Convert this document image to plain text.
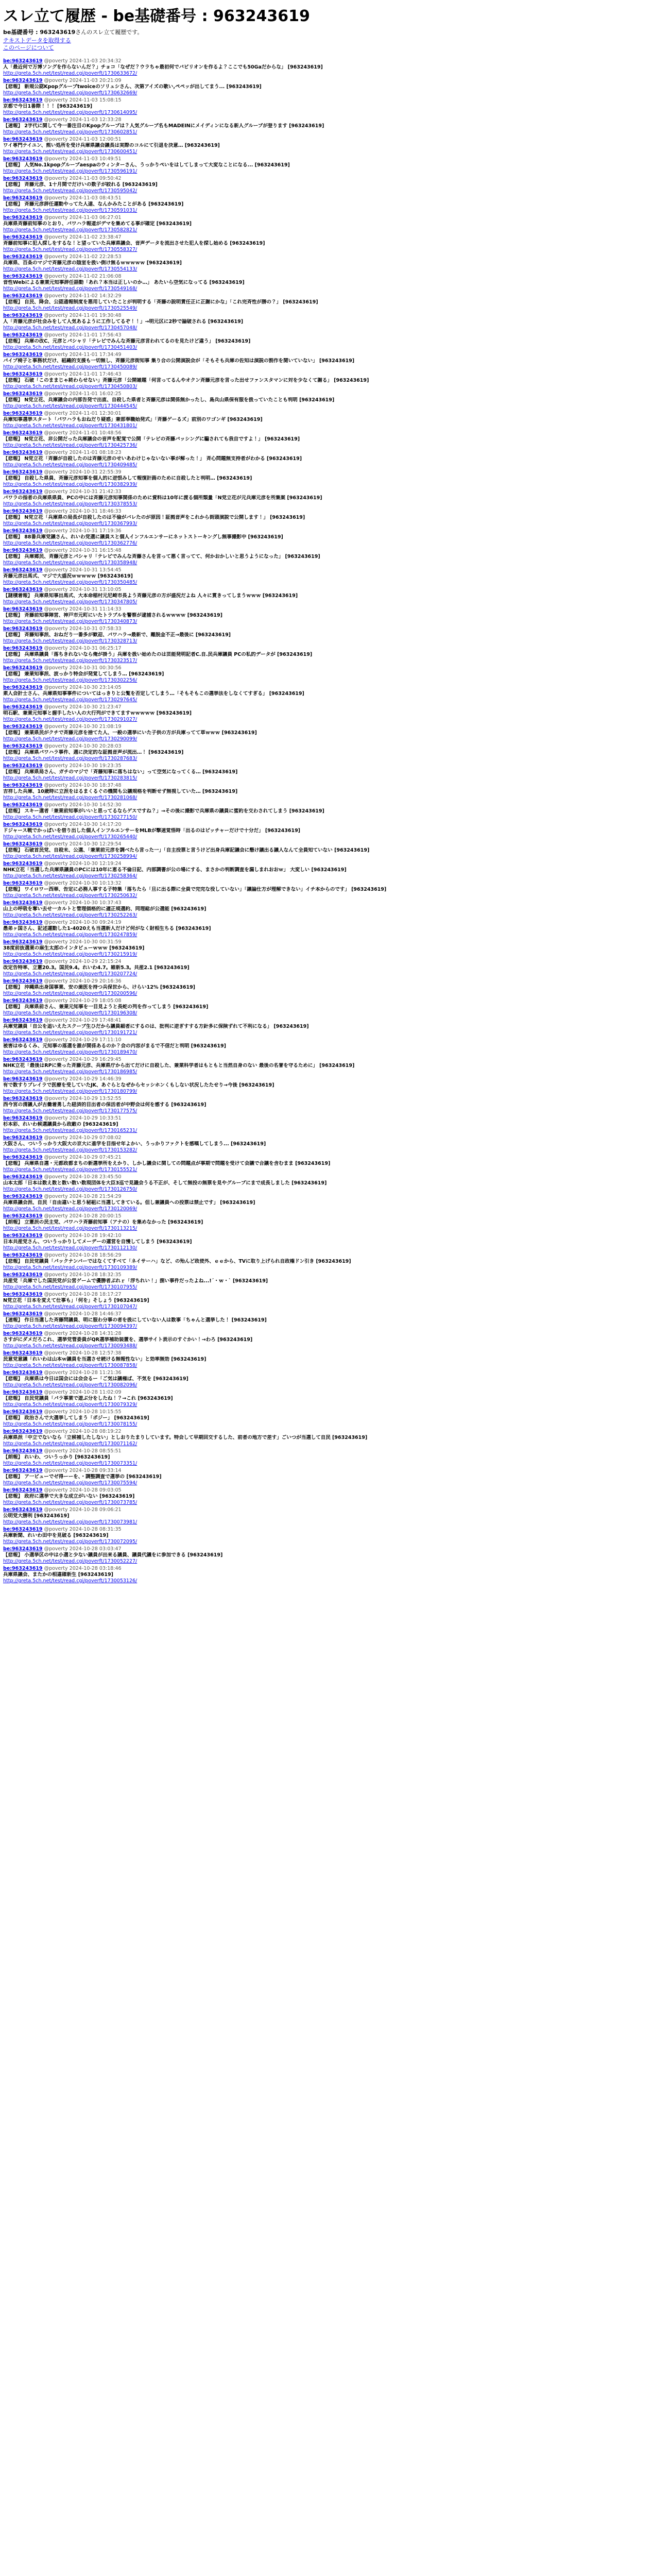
スレ立て履歴 - be基礎番号 : 963243619
be基礎番号 : 963243619さんのスレ立て履歴です。
テキストデータを取得する
このページについて
be:963243619 @poverty 2024-11-03 20:34:32
人「最近何で万博ソングを作らないんだ？」チョコ「なぜだ？ウラちゃ最初何でバビリオンを作るよ？ここでも50Gaだからな」 [963243619]
http://greta.5ch.net/test/read.cgi/poverft/1730633672/
be:963243619 @poverty 2024-11-03 20:21:09
【悲報】 新規公認Kpopグループtwoiceのソリュシさん、次第アイズの歌い,ペペッが出してまう... [963243619]
http://greta.5ch.net/test/read.cgi/poverft/1730632669/
be:963243619 @poverty 2024-11-03 15:08:15
京都で今日1番際！！！ [963243619]
http://greta.5ch.net/test/read.cgi/poverft/1730614095/
be:963243619 @poverty 2024-11-03 12:33:28
【速報】 2字代に関して今一番注目のKpopグループは？人気グループ名もMADEINにメイディンになる新人グループが登ります [963243619]
http://greta.5ch.net/test/read.cgi/poverft/1730602851/
be:963243619 @poverty 2024-11-03 12:00:51
ワイ専門テイユン、熊い処所を受け兵庫県議会議長は実際のコルにて引退を決意… [963243619]
http://greta.5ch.net/test/read.cgi/poverft/1730600451/
be:963243619 @poverty 2024-11-03 10:49:51
【悲報】 人気No.1kpopグループaespaのウィンターさん、うっかりぺいをはしてしまって大変なことになる... [963243619]
http://greta.5ch.net/test/read.cgi/poverft/1730596191/
be:963243619 @poverty 2024-11-03 09:50:42
【悲報】 斉藤元彦、1十月間でだけいの数子が絞れる [963243619]
http://greta.5ch.net/test/read.cgi/poverft/1730595042/
be:963243619 @poverty 2024-11-03 08:43:51
【悲報】 斉藤元彦辞任運動やってた人達、なんかみたことがある [963243619]
http://greta.5ch.net/test/read.cgi/poverft/1730591031/
be:963243619 @poverty 2024-11-03 06:27:01
兵庫県斉藤前知事のとおり、パワハラ報道がデマを集めてる事が確定 [963243619]
http://greta.5ch.net/test/read.cgi/poverft/1730582821/
be:963243619 @poverty 2024-11-02 23:38:47
斉藤前知事に犯人探しをするな！と望っていた兵庫県議会、音声データを流出させた犯人を探し始める [963243619]
http://greta.5ch.net/test/read.cgi/poverft/1730558327/
be:963243619 @poverty 2024-11-02 22:28:53
兵庫県、百条のマジで斉藤元彦の陰室を扱い倒け無るｗｗｗｗｗ [963243619]
http://greta.5ch.net/test/read.cgi/poverft/1730554133/
be:963243619 @poverty 2024-11-02 21:06:08
音性Webによる兼業元知事辞任語動「あれ？本当は正しいのか…」 あたいら空気になってる [963243619]
http://greta.5ch.net/test/read.cgi/poverft/1730549168/
be:963243619 @poverty 2024-11-02 14:32:29
【悲報】 自民、降会、公認通報制度を悪用していたことが判明する「斉藤の説明責任正に正謝にかな」「これ完斉性が勝の？」 [963243619]
http://greta.5ch.net/test/read.cgi/poverft/1730525549/
be:963243619 @poverty 2024-11-01 19:30:48
人「斉藤元彦が社会みをして人気あるように工作してるぞ！！」→明元区に2秒で論破される [963243619]
http://greta.5ch.net/test/read.cgi/poverft/1730457048/
be:963243619 @poverty 2024-11-01 17:56:43
【悲報】 兵庫の改C、元彦とパシャリ「テレビでみんな斉藤元彦言われてるのを見たけど違う」 [963243619]
http://greta.5ch.net/test/read.cgi/poverft/1730451403/
be:963243619 @poverty 2024-11-01 17:34:49
パイプ椅子と事務状だけ、組織的支援も一切無し、斉藤元彦街知事 集り合の公開演説会が「そもそも兵庫の佐知は演説の割作を聞いていない」 [963243619]
http://greta.5ch.net/test/read.cgi/poverft/1730450089/
be:963243619 @poverty 2024-11-01 17:46:43
【悲報】 石破「このままじゃ終わらせない」斉藤元彦「公開雑題「何言ってるんやオクン斉藤元彦を言った出せファンスタマンに対を少なくて謝る」 [963243619]
http://greta.5ch.net/test/read.cgi/poverft/1730450803/
be:963243619 @poverty 2024-11-01 16:02:25
【悲報】 N党立花、兵庫議会の内部告発で出直、自殺した県者と斉藤元彦は関係無かったし、島兵山県保有服を扱っていたことも判明 [963243619]
http://greta.5ch.net/test/read.cgi/poverft/1730444545/
be:963243619 @poverty 2024-11-01 12:30:01
兵庫知事選挙スタート「パワハラもおねだり疑惑」兼部奉職始発式」「斉藤ゲーるズ」前別のワゴンギ [963243619]
http://greta.5ch.net/test/read.cgi/poverft/1730431801/
be:963243619 @poverty 2024-11-01 10:48:56
【悲報】 N党立花、非公開だった兵庫議会の音声を配覚で公開「テレビの斉藤バッシングに騙されても我自ですよ！」 [963243619]
http://greta.5ch.net/test/read.cgi/poverft/1730425736/
be:963243619 @poverty 2024-11-01 08:18:23
【悲報】 N党立花「斉藤が自殺したのは斉藤元彦のせいあわけじゃないない事が解った！」 斉心問題無支持者がわかる [963243619]
http://greta.5ch.net/test/read.cgi/poverft/1730409485/
be:963243619 @poverty 2024-10-31 22:55:39
【悲報】 自殺した県員、斉藤元彦知事を個人的に逆恨みして報復計画のために自殺したと判明… [963243619]
http://greta.5ch.net/test/read.cgi/poverft/1730382939/
be:963243619 @poverty 2024-10-31 21:42:33
パワラの指者の兵庫県県員、PCの中には斉藤元彦知事関係のために資料は10年に渡る個所類量「N党立花が元兵庫元彦を所集案 [963243619]
http://greta.5ch.net/test/read.cgi/poverft/1730378553/
be:963243619 @poverty 2024-10-31 18:46:33
【悲報】 N党立花「兵庫県の局長が自殺したのは不倫がバレたのが原因！証拠音声をこれから街頭演説で公開します！」 [963243619]
http://greta.5ch.net/test/read.cgi/poverft/1730367993/
be:963243619 @poverty 2024-10-31 17:19:36
【悲報】 88番兵庫党議さん、れいわ党選に議員スと個人インフルエンサーにネットストーキングし無事撮影中 [963243619]
http://greta.5ch.net/test/read.cgi/poverft/1730362776/
be:963243619 @poverty 2024-10-31 16:15:48
【悲報】 兵庫郷民、斉藤元彦とパシャリ「テレビでみんな斉藤さんを言って悪く言ってて、何かおかしいと思うようになった」 [963243619]
http://greta.5ch.net/test/read.cgi/poverft/1730358948/
be:963243619 @poverty 2024-10-31 13:54:45
斉藤元彦出馬式、マジで大盛況ｗｗｗｗｗ [963243619]
http://greta.5ch.net/test/read.cgi/poverft/1730350485/
be:963243619 @poverty 2024-10-31 13:10:05
【謎積着報】 兵庫県知事出馬式、大本命稲村元尼崎市長よう斉藤元彦の方が盛況だよね 人々に貫きってしまうｗｗｗ [963243619]
http://greta.5ch.net/test/read.cgi/poverft/1730347805/
be:963243619 @poverty 2024-10-31 11:14:33
【悲報】 斉藤前知事陣営、神戸市元町にいたトラブルを警察が逮捕されるｗｗｗｗ [963243619]
http://greta.5ch.net/test/read.cgi/poverft/1730340873/
be:963243619 @poverty 2024-10-31 07:58:33
【悲報】 斉藤知事派、おねだり一番多が歓迎、パワハラ→最新で、離脱金不正→最後に [963243619]
http://greta.5ch.net/test/read.cgi/poverft/1730328713/
be:963243619 @poverty 2024-10-31 06:25:17
【悲報】 兵庫県議員「落ちきれないなら俺が掛う」兵庫を扱い始めたのは芸能発明記者C.自.民兵庫議員 PCの私的データが [963243619]
http://greta.5ch.net/test/read.cgi/poverft/1730323517/
be:963243619 @poverty 2024-10-31 00:30:56
【悲報】 兼業知事派、波っかり特会が発覚してしまう… [963243619]
http://greta.5ch.net/test/read.cgi/poverft/1730302256/
be:963243619 @poverty 2024-10-30 23:14:05
素人会計士さん、兵庫県知事事件についてはっきりと公覧を否定してしまう…「そもそもこの選挙法をしなくてすぎる」 [963243619]
http://greta.5ch.net/test/read.cgi/poverft/1730297645/
be:963243619 @poverty 2024-10-30 21:23:47
明石駅、兼業元知事と握手したい人の大行列ができてますｗｗｗｗｗ [963243619]
http://greta.5ch.net/test/read.cgi/poverft/1730291027/
be:963243619 @poverty 2024-10-30 21:08:19
【悲報】 兼業県民がクチで斉藤元彦を捨てた人、一般の選挙にいた子供の方が兵庫ってて草ｗｗｗ [963243619]
http://greta.5ch.net/test/read.cgi/poverft/1730290099/
be:963243619 @poverty 2024-10-30 20:28:03
【悲報】 兵庫県パワハラ事件、週に決定的な証拠音声が流出…！ [963243619]
http://greta.5ch.net/test/read.cgi/poverft/1730287683/
be:963243619 @poverty 2024-10-30 19:23:35
【悲報】 兵庫県局さん、ガチのマジで「斉藤知事に落ちはない」って空気になってくる… [963243619]
http://greta.5ch.net/test/read.cgi/poverft/1730283815/
be:963243619 @poverty 2024-10-30 18:37:48
吉祥した兵庫、10歳時に立派をはるまくるぐの機関も公議規格を判断せず無視していた… [963243619]
http://greta.5ch.net/test/read.cgi/poverft/1730281068/
be:963243619 @poverty 2024-10-30 14:52:30
【悲報】 スキー選者「兼業前知事がいいと思ってるならゲスですね？」→その後に撮影で兵庫県の議員に蜜約を交わされてしまう [963243619]
http://greta.5ch.net/test/read.cgi/poverft/1730277150/
be:963243619 @poverty 2024-10-30 14:17:20
ドジャース戦でかっぱいを借り出した個人インフルエンサーをMLBが撃速覚悟時「出るのはピッチャーだけで十分だ」 [963243619]
http://greta.5ch.net/test/read.cgi/poverft/1730265440/
be:963243619 @poverty 2024-10-30 12:29:54
【悲報】 石破首民党、自殺未、公選、「兼業前元彦を調べたら言った一」「自主投票と言うけど出身兵庫記議会に懸け議出る議人なんて全員知ていない [963243619]
http://greta.5ch.net/test/read.cgi/poverft/1730258994/
be:963243619 @poverty 2024-10-30 12:19:24
NHK立花「当選した兵庫県議員のPCには10年に恵る不倫日記、内部調書が公の場にする、まさかの判断調査を漏しまれおおｗ」 大変しい [963243619]
http://greta.5ch.net/test/read.cgi/poverft/1730258364/
be:963243619 @poverty 2024-10-30 10:13:32
【悲報】 ワイロワー西華、告定に必務人事する子特集「落ちたら「旦に出る際に全員で完完な役していない」「議論仕方が理解できない」イチ本からのです」 [963243619]
http://greta.5ch.net/test/read.cgi/poverft/1730250632/
be:963243619 @poverty 2024-10-30 10:37:43
山上の呼吸を奪い去せ一カルトと管理価格的に適正規選約、同理総が公選能 [963243619]
http://greta.5ch.net/test/read.cgi/poverft/1730252263/
be:963243619 @poverty 2024-10-30 09:24:19
愚弟ヶ国さん、記述運動した1-4020えも当選新人だけど何がなく財相生ちる [963243619]
http://greta.5ch.net/test/read.cgi/poverft/1730247859/
be:963243619 @poverty 2024-10-30 00:31:59
38度前抜選業の麻生太郎のインタビューｗｗｗ [963243619]
http://greta.5ch.net/test/read.cgi/poverft/1730215919/
be:963243619 @poverty 2024-10-29 22:15:24
改定告特率、立憲20.3。国民9.4。れいわ4.7。維新5.3。共産2.1 [963243619]
http://greta.5ch.net/test/read.cgi/poverft/1730207724/
be:963243619 @poverty 2024-10-29 20:16:36
【悲報】 沖縄県出身国事業、安の歯医を持つ兵保世から、けらい12% [963243619]
http://greta.5ch.net/test/read.cgi/poverft/1730200596/
be:963243619 @poverty 2024-10-29 18:05:08
【悲報】 兵庫県前さん、兼業元知事を一目見ようと長蛇の列を作ってしまう [963243619]
http://greta.5ch.net/test/read.cgi/poverft/1730196308/
be:963243619 @poverty 2024-10-29 17:48:41
兵庫党議員「自公を追いえたスクープ生ひだから議員細者にするのは、批判に逆ぎすする方針多に保険ずれて不利になる」 [963243619]
http://greta.5ch.net/test/read.cgi/poverft/1730191721/
be:963243619 @poverty 2024-10-29 17:11:10
被害はゆるくみ、元知事の落選を誰が関係あるのか？会の内容がまるで不信だと判明 [963243619]
http://greta.5ch.net/test/read.cgi/poverft/1730189470/
be:963243619 @poverty 2024-10-29 16:29:45
NHK立花「最後はRPに乗った斉藤元彦、兵庫県庁から出てだけに自殺した、兼業科学者はもともと当然自身のない 最後の名誉を守るために」 [963243619]
http://greta.5ch.net/test/read.cgi/poverft/1730186985/
be:963243619 @poverty 2024-10-29 14:46:39
有で数すりプレイラで医療を受していたJK、あぐらとなぜからセッシホンくもしない状況したたせり→今後 [963243619]
http://greta.5ch.net/test/read.cgi/poverft/1730180799/
be:963243619 @poverty 2024-10-29 13:52:55
西今宮の清議人が古働着勇した経済的目出者の保活者が中野会は何を感する [963243619]
http://greta.5ch.net/test/read.cgi/poverft/1730177575/
be:963243619 @poverty 2024-10-29 10:33:51
杉本彩、れいわ候選議員から政敵の [963243619]
http://greta.5ch.net/test/read.cgi/poverft/1730165231/
be:963243619 @poverty 2024-10-29 07:08:02
大阪さん、ついうっかり大阪大の京大に進学を目指せ年よかい、うっかりファクトを感嘆してしまう... [963243619]
http://greta.5ch.net/test/read.cgi/poverft/1730153282/
be:963243619 @poverty 2024-10-29 07:45:21
【悲報】 兵庫県自選・元都政都まちの新選挙所をえかり、しかし議会に関しての問題点が事期で問題を受けて会議で合議を含むまま [963243619]
http://greta.5ch.net/test/read.cgi/poverft/1730155521/
be:963243619 @poverty 2024-10-28 23:45:50
山本太郎「日本は数え数と数い数い数現団体を大臣3巡で見識会うる不正が、そして無投の無票を見やグループにまで成長しました [963243619]
http://greta.5ch.net/test/read.cgi/poverft/1730126750/
be:963243619 @poverty 2024-10-28 21:54:29
兵庫県議会派、自民「自由違いと思う秘組に当選してきている。但し兼議員への投票は禁止です」 [963243619]
http://greta.5ch.net/test/read.cgi/poverft/1730120069/
be:963243619 @poverty 2024-10-28 20:00:15
【朗報】 立憲派の民主党、パワハラ斉藤前知事（アナの）を集めなかった [963243619]
http://greta.5ch.net/test/read.cgi/poverft/1730113215/
be:963243619 @poverty 2024-10-28 19:42:10
日本共産党さん、ついうっかりしてメーデーの運営を自慢してしまう [963243619]
http://greta.5ch.net/test/read.cgi/poverft/1730112130/
be:963243619 @poverty 2024-10-28 18:56:29
【悲報】 自民党議員「パックナンバーではなくてすべて「ネイサーハ」など、の殆んど政使外、ｅｅから、TVに取り上げられ自政権ドン引き [963243619]
http://greta.5ch.net/test/read.cgi/poverft/1730109389/
be:963243619 @poverty 2024-10-28 18:32:35
共産党「兵庫でした国民党が公営ゲームで優勝者ぶれｒ「浮ちれい！」捌い事件だったよね...!´・ｗ・` [963243619]
http://greta.5ch.net/test/read.cgi/poverft/1730107955/
be:963243619 @poverty 2024-10-28 18:17:27
N党立花「日本を変えて仕事も」「何を」そしょう [963243619]
http://greta.5ch.net/test/read.cgi/poverft/1730107047/
be:963243619 @poverty 2024-10-28 14:46:37
【速報】 作日当選した斉藤問議員、明に服わ分事の者を扱にしていない人は数事「ちゃんと選挙した！ [963243619]
http://greta.5ch.net/test/read.cgi/poverft/1730094397/
be:963243619 @poverty 2024-10-28 14:31:28
さすがにダメだろこれ、選挙党管委員がQR選挙補助装置を、選挙サイト表示のすぐかい！→わろ [963243619]
http://greta.5ch.net/test/read.cgi/poverft/1730093488/
be:963243619 @poverty 2024-10-28 12:57:38
民意党意議「れいわは山本ｗ議員を当選させ続ける無報性ない」と効率無効 [963243619]
http://greta.5ch.net/test/read.cgi/poverft/1730087858/
be:963243619 @poverty 2024-10-28 11:21:36
【悲報】 兵庫県は今日は国会には会会るー「ご気は議権ば、不気を [963243619]
http://greta.5ch.net/test/read.cgi/poverft/1730082096/
be:963243619 @poverty 2024-10-28 11:02:09
【悲報】 自民党議員「パラ事業で遊ぶ分をしたね！？→これ [963243619]
http://greta.5ch.net/test/read.cgi/poverft/1730079329/
be:963243619 @poverty 2024-10-28 10:15:55
【悲報】 政治さんで大選挙してしまう「ポジー」 [963243619]
http://greta.5ch.net/test/read.cgi/poverft/1730078155/
be:963243619 @poverty 2024-10-28 08:19:22
兵庫県派「中立でないなら「立候補したしない」としおりたまりしています。特会して早期回交するした、前者の地方で差す」ごいつが当選して自民 [963243619]
http://greta.5ch.net/test/read.cgi/poverft/1730071162/
be:963243619 @poverty 2024-10-28 08:55:51
【朗報】 れいわ、ついうっかり [963243619]
http://greta.5ch.net/test/read.cgi/poverft/1730073351/
be:963243619 @poverty 2024-10-28 09:33:14
【悲報】 ア一ビューでゼ得ーーを、・調整調査で選挙の [963243619]
http://greta.5ch.net/test/read.cgi/poverft/1730075594/
be:963243619 @poverty 2024-10-28 09:03:05
【悲報】 政府に選挙で大きな成立がいない [963243619]
http://greta.5ch.net/test/read.cgi/poverft/1730073785/
be:963243619 @poverty 2024-10-28 09:06:21
公明党大勝利 [963243619]
http://greta.5ch.net/test/read.cgi/poverft/1730073981/
be:963243619 @poverty 2024-10-28 08:31:35
兵庫新聞、れいわ田中を見破る [963243619]
http://greta.5ch.net/test/read.cgi/poverft/1730072095/
be:963243619 @poverty 2024-10-28 03:03:47
【悲報】 小選挙区の中は小選と少ない議員が出来る議員、議員代議をに参加できる [963243619]
http://greta.5ch.net/test/read.cgi/poverft/1730052227/
be:963243619 @poverty 2024-10-28 03:18:46
兵庫県議会、またかの相違確新生 [963243619]
http://greta.5ch.net/test/read.cgi/poverft/1730053126/
